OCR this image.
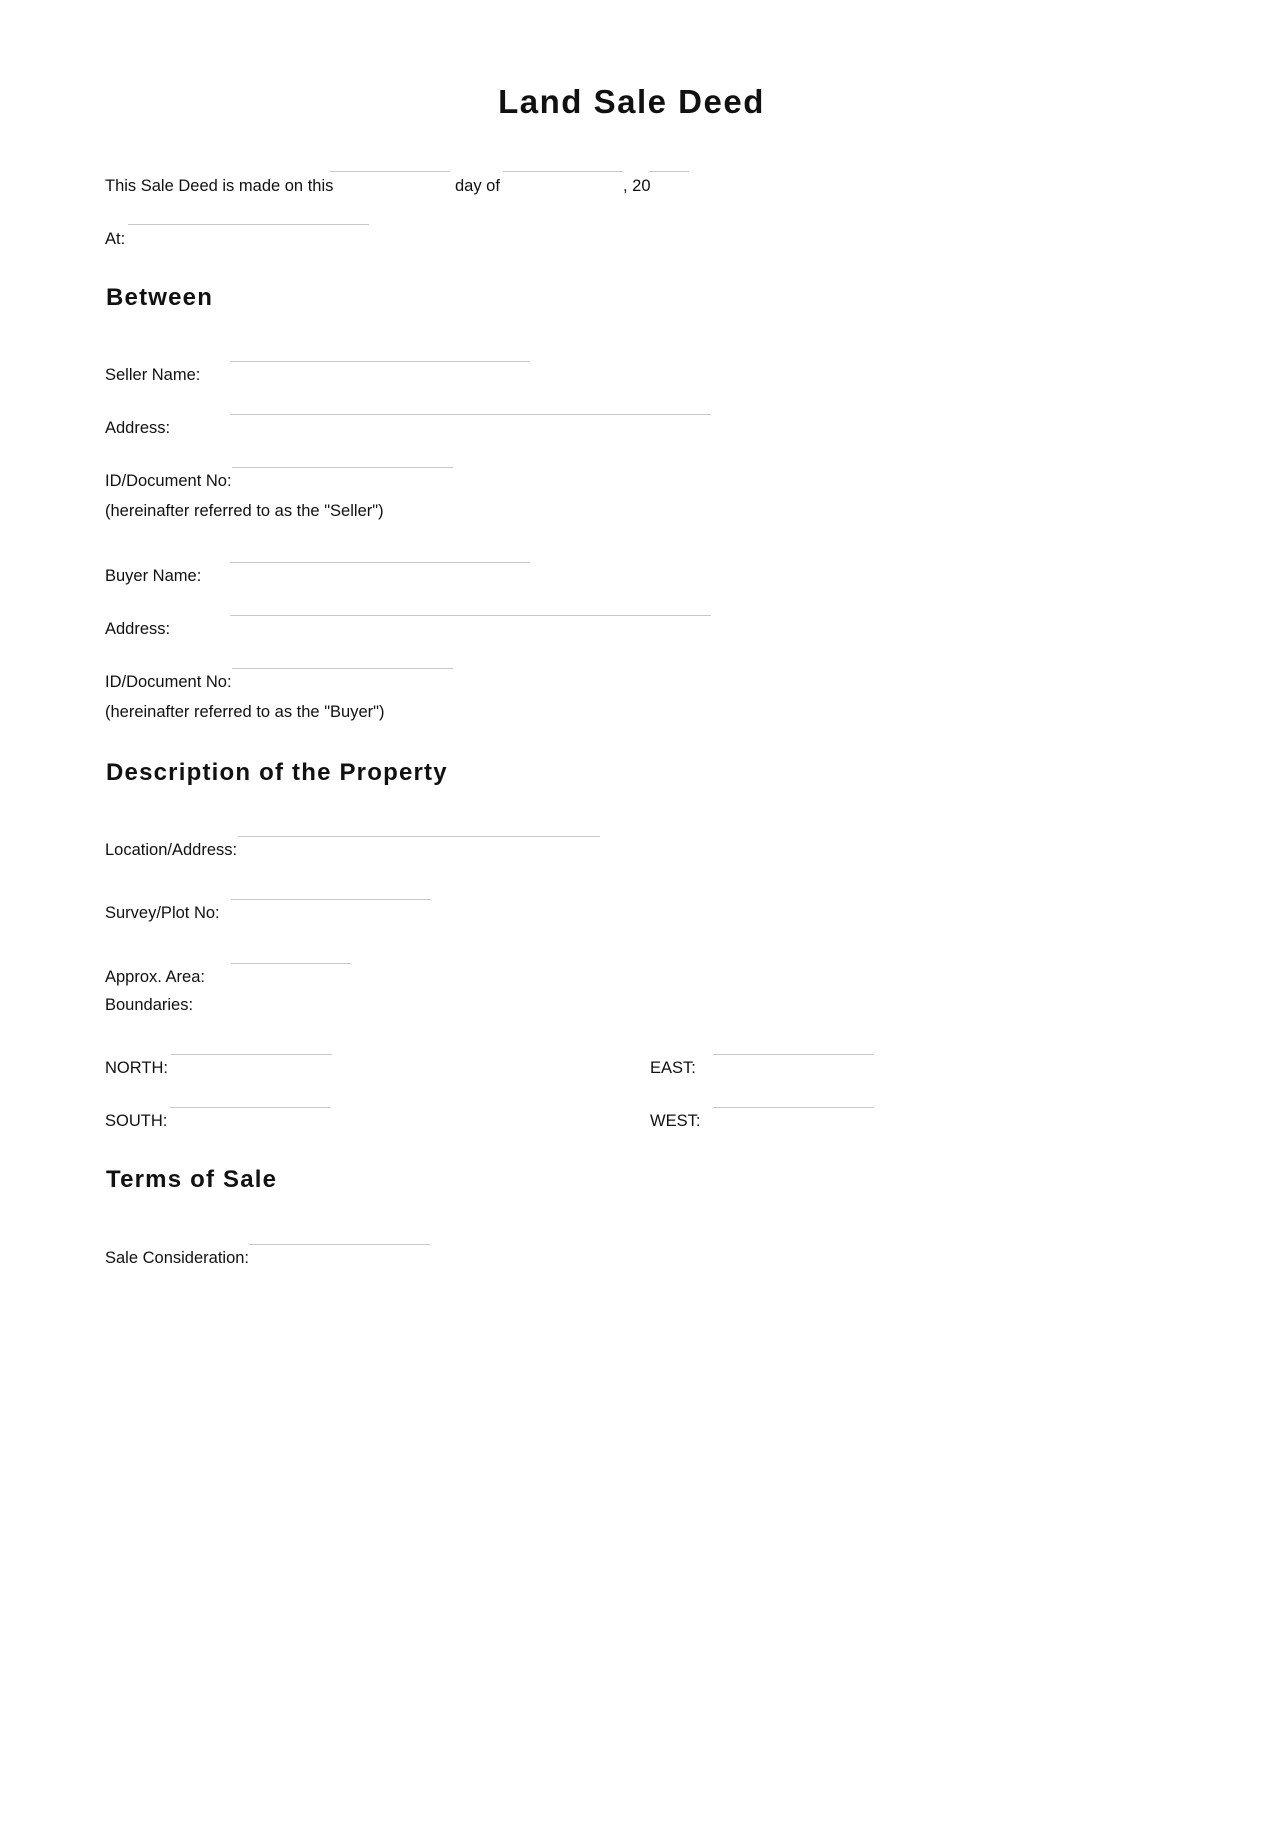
Land Sale Deed
This Sale Deed is made on this	day of	, 20
At:
Between
Seller Name:
Address:
ID/Document No:
(hereinafter referred to as the "Seller")
Buyer Name:
Address:
ID/Document No:
(hereinafter referred to as the "Buyer")
Description of the Property
Location/Address:
Survey/Plot No:
Approx. Area:
Boundaries:
NORTH:	EAST:
SOUTH:	WEST:
Terms of Sale
Sale Consideration:
